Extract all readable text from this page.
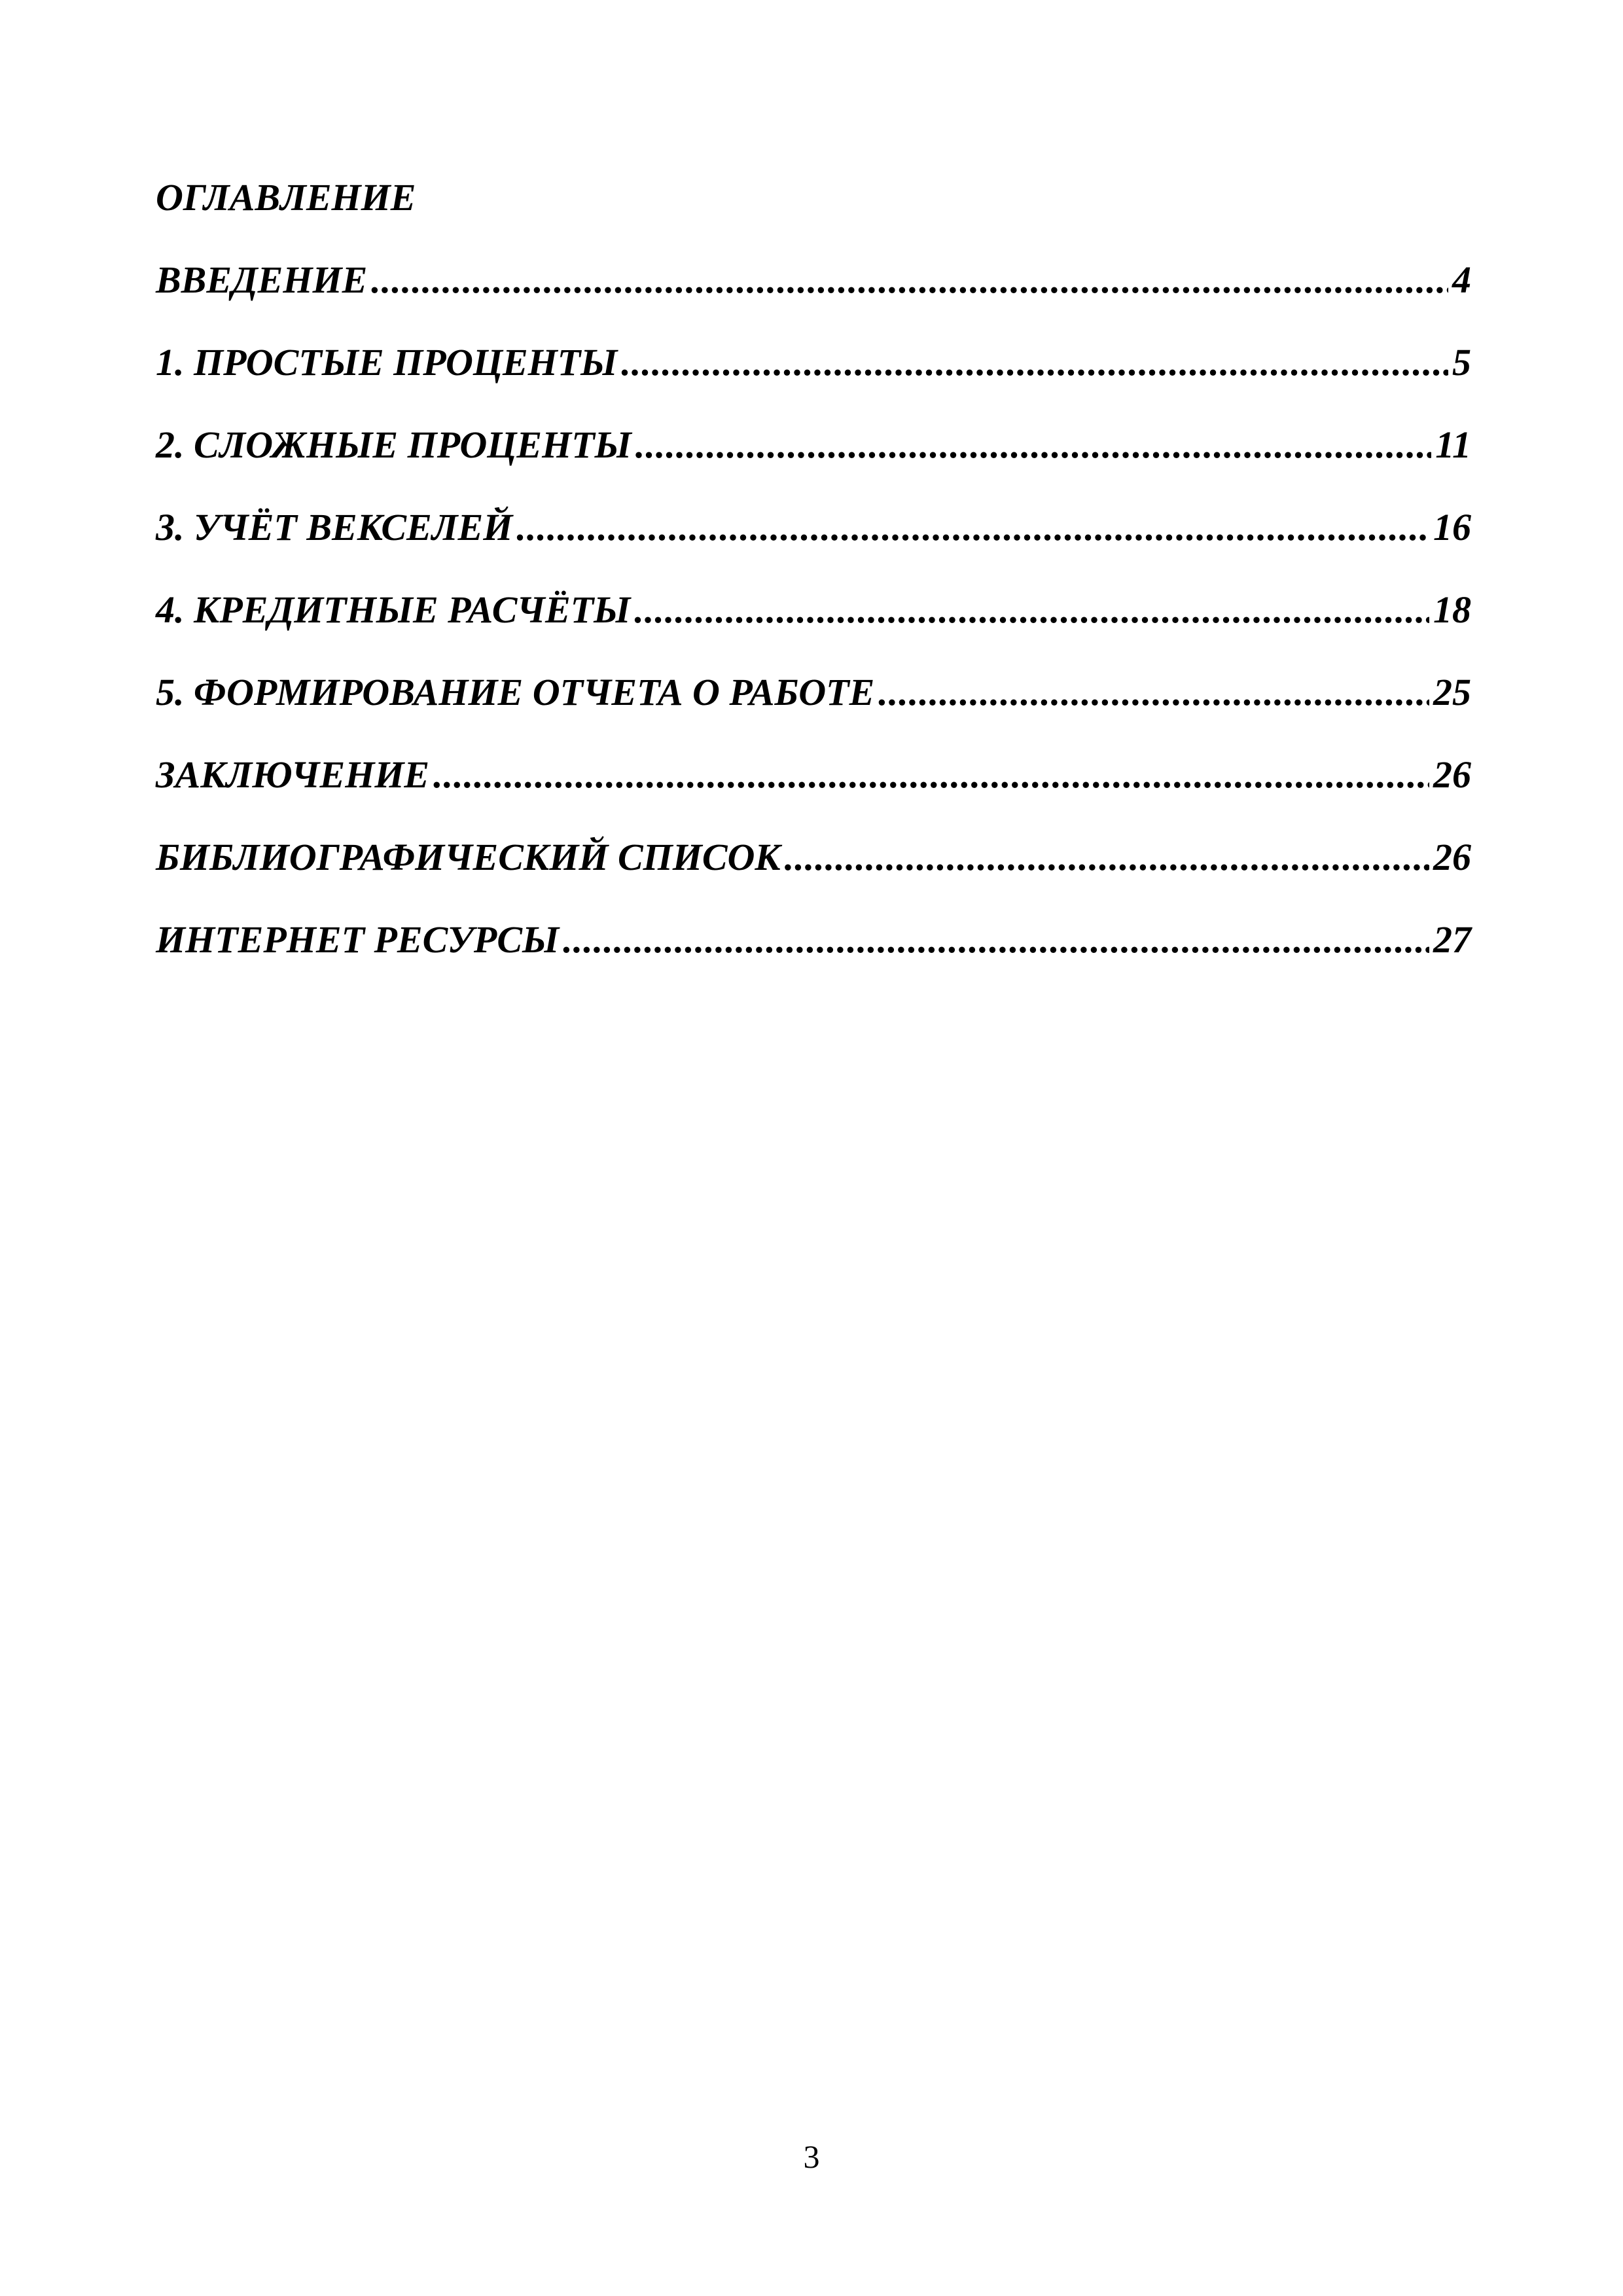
ОГЛАВЛЕНИЕ
ВВЕДЕНИЕ .....	4
1. ПРОСТЫЕ ПРОЦЕНТЫ .....	5
2. СЛОЖНЫЕ ПРОЦЕНТЫ .....	11
3. УЧЁТ ВЕКСЕЛЕЙ .....	16
4. КРЕДИТНЫЕ РАСЧЁТЫ .....	18
5. ФОРМИРОВАНИЕ ОТЧЕТА О РАБОТЕ .....	25
ЗАКЛЮЧЕНИЕ .....	26
БИБЛИОГРАФИЧЕСКИЙ СПИСОК .....	26
ИНТЕРНЕТ РЕСУРСЫ .....	27
3
